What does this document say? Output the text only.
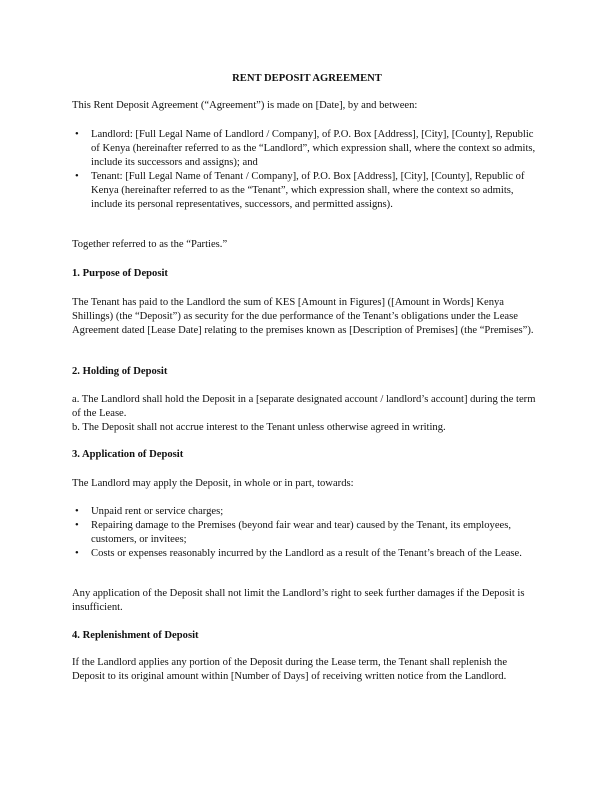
RENT DEPOSIT AGREEMENT

This Rent Deposit Agreement (“Agreement”) is made on [Date], by and between:

• Landlord: [Full Legal Name of Landlord / Company], of P.O. Box [Address], [City], [County], Republic of Kenya (hereinafter referred to as the “Landlord”, which expression shall, where the context so admits, include its successors and assigns); and
• Tenant: [Full Legal Name of Tenant / Company], of P.O. Box [Address], [City], [County], Republic of Kenya (hereinafter referred to as the “Tenant”, which expression shall, where the context so admits, include its personal representatives, successors, and permitted assigns).

Together referred to as the “Parties.”

1. Purpose of Deposit

The Tenant has paid to the Landlord the sum of KES [Amount in Figures] ([Amount in Words] Kenya Shillings) (the “Deposit”) as security for the due performance of the Tenant’s obligations under the Lease Agreement dated [Lease Date] relating to the premises known as [Description of Premises] (the “Premises”).

2. Holding of Deposit

a. The Landlord shall hold the Deposit in a [separate designated account / landlord’s account] during the term of the Lease.

b. The Deposit shall not accrue interest to the Tenant unless otherwise agreed in writing.

3. Application of Deposit

The Landlord may apply the Deposit, in whole or in part, towards:

• Unpaid rent or service charges;
• Repairing damage to the Premises (beyond fair wear and tear) caused by the Tenant, its employees, customers, or invitees;
• Costs or expenses reasonably incurred by the Landlord as a result of the Tenant’s breach of the Lease.

Any application of the Deposit shall not limit the Landlord’s right to seek further damages if the Deposit is insufficient.

4. Replenishment of Deposit

If the Landlord applies any portion of the Deposit during the Lease term, the Tenant shall replenish the Deposit to its original amount within [Number of Days] of receiving written notice from the Landlord.
